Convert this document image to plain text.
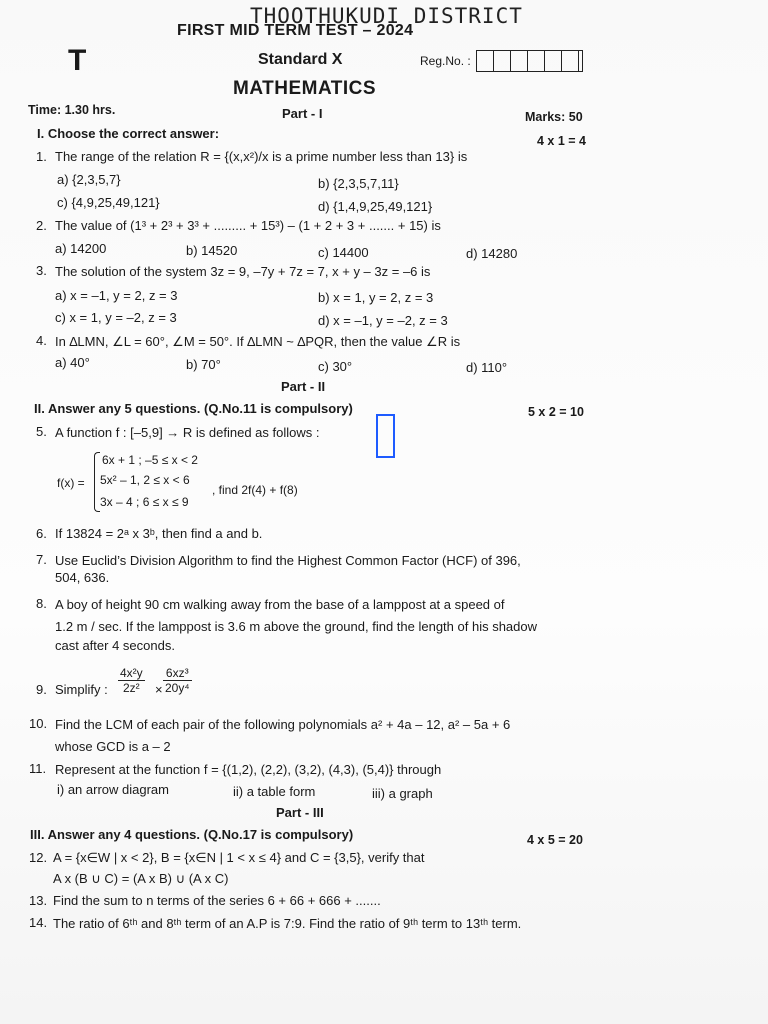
THOOTHUKUDI DISTRICT
FIRST MID TERM TEST – 2024
T	Standard X	Reg.No. :
MATHEMATICS
Time: 1.30 hrs.	Part - I	Marks: 50
I. Choose the correct answer:	4 x 1 = 4
1. The range of the relation R = {(x,x²)/x is a prime number less than 13} is
a) {2,3,5,7}	b) {2,3,5,7,11}
c) {4,9,25,49,121}	d) {1,4,9,25,49,121}
2. The value of (1³ + 2³ + 3³ + ......... + 15³) – (1 + 2 + 3 + ....... + 15) is
a) 14200	b) 14520	c) 14400	d) 14280
3. The solution of the system 3z = 9, –7y + 7z = 7, x + y – 3z = –6 is
a) x = –1, y = 2, z = 3	b) x = 1, y = 2, z = 3
c) x = 1, y = –2, z = 3	d) x = –1, y = –2, z = 3
4. In ∆LMN, ∠L = 60°, ∠M = 50°. If ∆LMN ~ ∆PQR, then the value ∠R is
a) 40°	b) 70°	c) 30°	d) 110°
Part - II
II. Answer any 5 questions. (Q.No.11 is compulsory)	5 x 2 = 10
5. A function f : [–5,9] → R is defined as follows :
f(x) =
6x + 1 ; –5 ≤ x < 2
5x² – 1, 2 ≤ x < 6
3x – 4 ; 6 ≤ x ≤ 9
, find 2f(4) + f(8)
6. If 13824 = 2ᵃ x 3ᵇ, then find a and b.
7. Use Euclid’s Division Algorithm to find the Highest Common Factor (HCF) of 396,
504, 636.
8. A boy of height 90 cm walking away from the base of a lamppost at a speed of
1.2 m / sec. If the lamppost is 3.6 m above the ground, find the length of his shadow
cast after 4 seconds.
9. Simplify : $\frac{\text{4x²y}}{\text{2z²}} \times \frac{\text{6xz³}}{\text{20y⁴}}$
10. Find the LCM of each pair of the following polynomials a² + 4a – 12, a² – 5a + 6
whose GCD is a – 2
11. Represent at the function f = {(1,2), (2,2), (3,2), (4,3), (5,4)} through
i) an arrow diagram	ii) a table form	iii) a graph
Part - III
III. Answer any 4 questions. (Q.No.17 is compulsory)	4 x 5 = 20
12. A = {x∈W | x < 2}, B = {x∈N | 1 < x ≤ 4} and C = {3,5}, verify that
A x (B ∪ C) = (A x B) ∪ (A x C)
13. Find the sum to n terms of the series 6 + 66 + 666 + .......
14. The ratio of 6ᵗʰ and 8ᵗʰ term of an A.P is 7:9. Find the ratio of 9ᵗʰ term to 13ᵗʰ term.
